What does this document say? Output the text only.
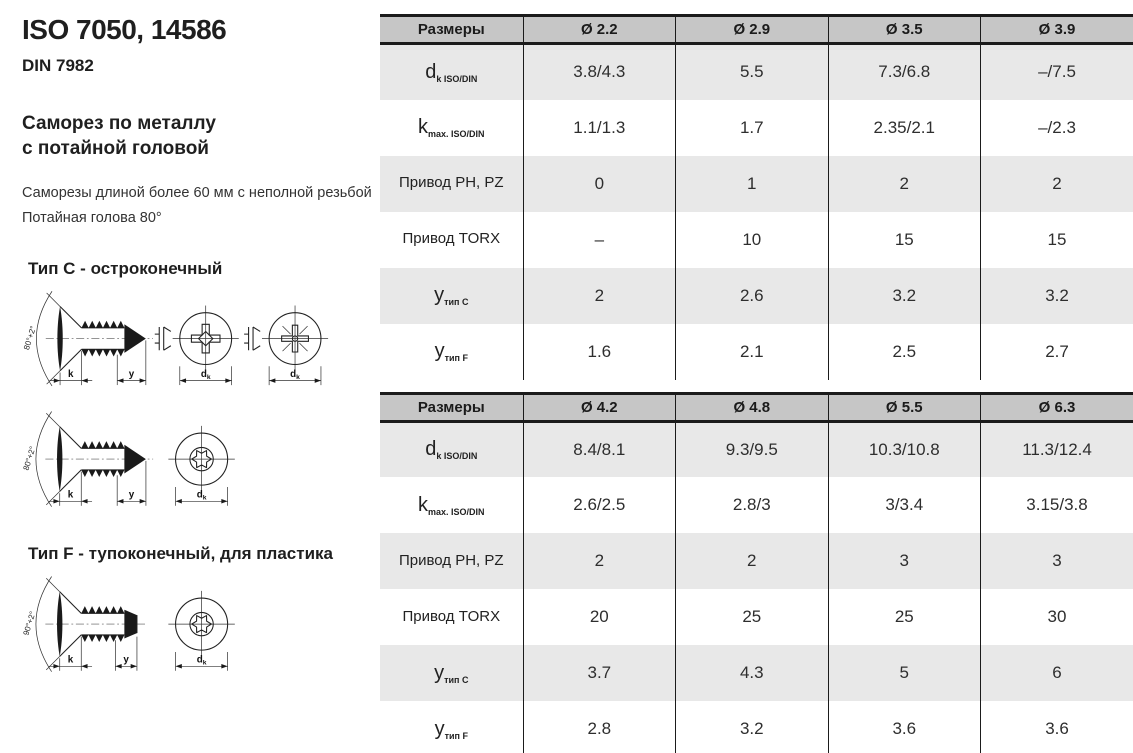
ISO 7050, 14586
DIN 7982
Саморез по металлу
с потайной головой
Саморезы длиной более 60 мм с неполной резьбой
Потайная голова 80°
Тип C - остроконечный
80°+2°
k	y	dk	dk
80°+2°
k	y	dk
Тип F - тупоконечный, для пластика
90°+2°
k	y	dk
Размеры	Ø 2.2	Ø 2.9	Ø 3.5	Ø 3.9
$d_{k ISO/DIN}$	3.8/4.3	5.5	7.3/6.8	–/7.5
$k_{max. ISO/DIN}$	1.1/1.3	1.7	2.35/2.1	–/2.3
Привод PH, PZ	0	1	2	2
Привод TORX	–	10	15	15
$y_{тип C}$	2	2.6	3.2	3.2
$y_{тип F}$	1.6	2.1	2.5	2.7
Размеры	Ø 4.2	Ø 4.8	Ø 5.5	Ø 6.3
$d_{k ISO/DIN}$	8.4/8.1	9.3/9.5	10.3/10.8	11.3/12.4
$k_{max. ISO/DIN}$	2.6/2.5	2.8/3	3/3.4	3.15/3.8
Привод PH, PZ	2	2	3	3
Привод TORX	20	25	25	30
$y_{тип C}$	3.7	4.3	5	6
$y_{тип F}$	2.8	3.2	3.6	3.6
